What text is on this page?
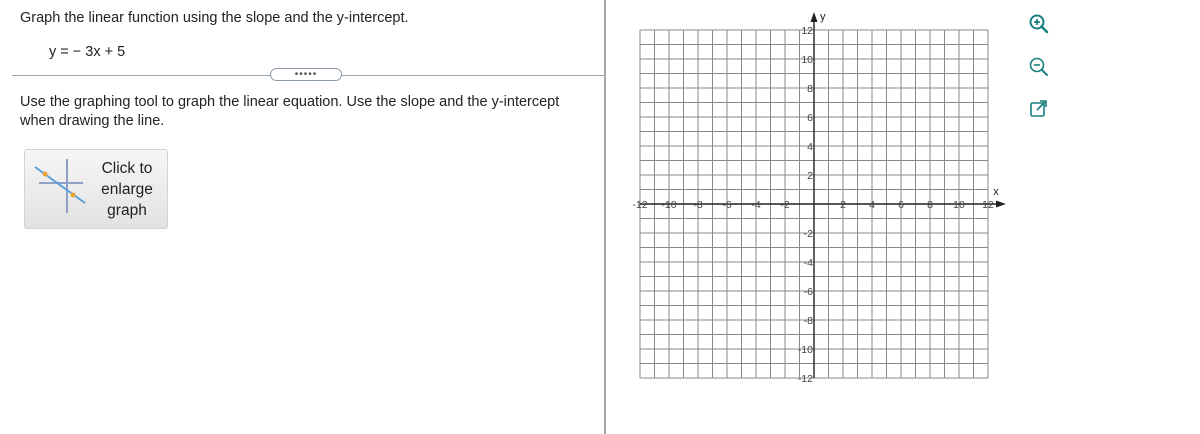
Graph the linear function using the slope and the y-intercept.
y = − 3x + 5
•••••
Use the graphing tool to graph the linear equation. Use the slope and the y-intercept when drawing the line.
Click to
enlarge
graph
x
y
-12 -10 -8 -6 -4 -2	2 4 6 8 10 12
12
10
8
6
4
2
-2
-4
-6
-8
-10
-12
